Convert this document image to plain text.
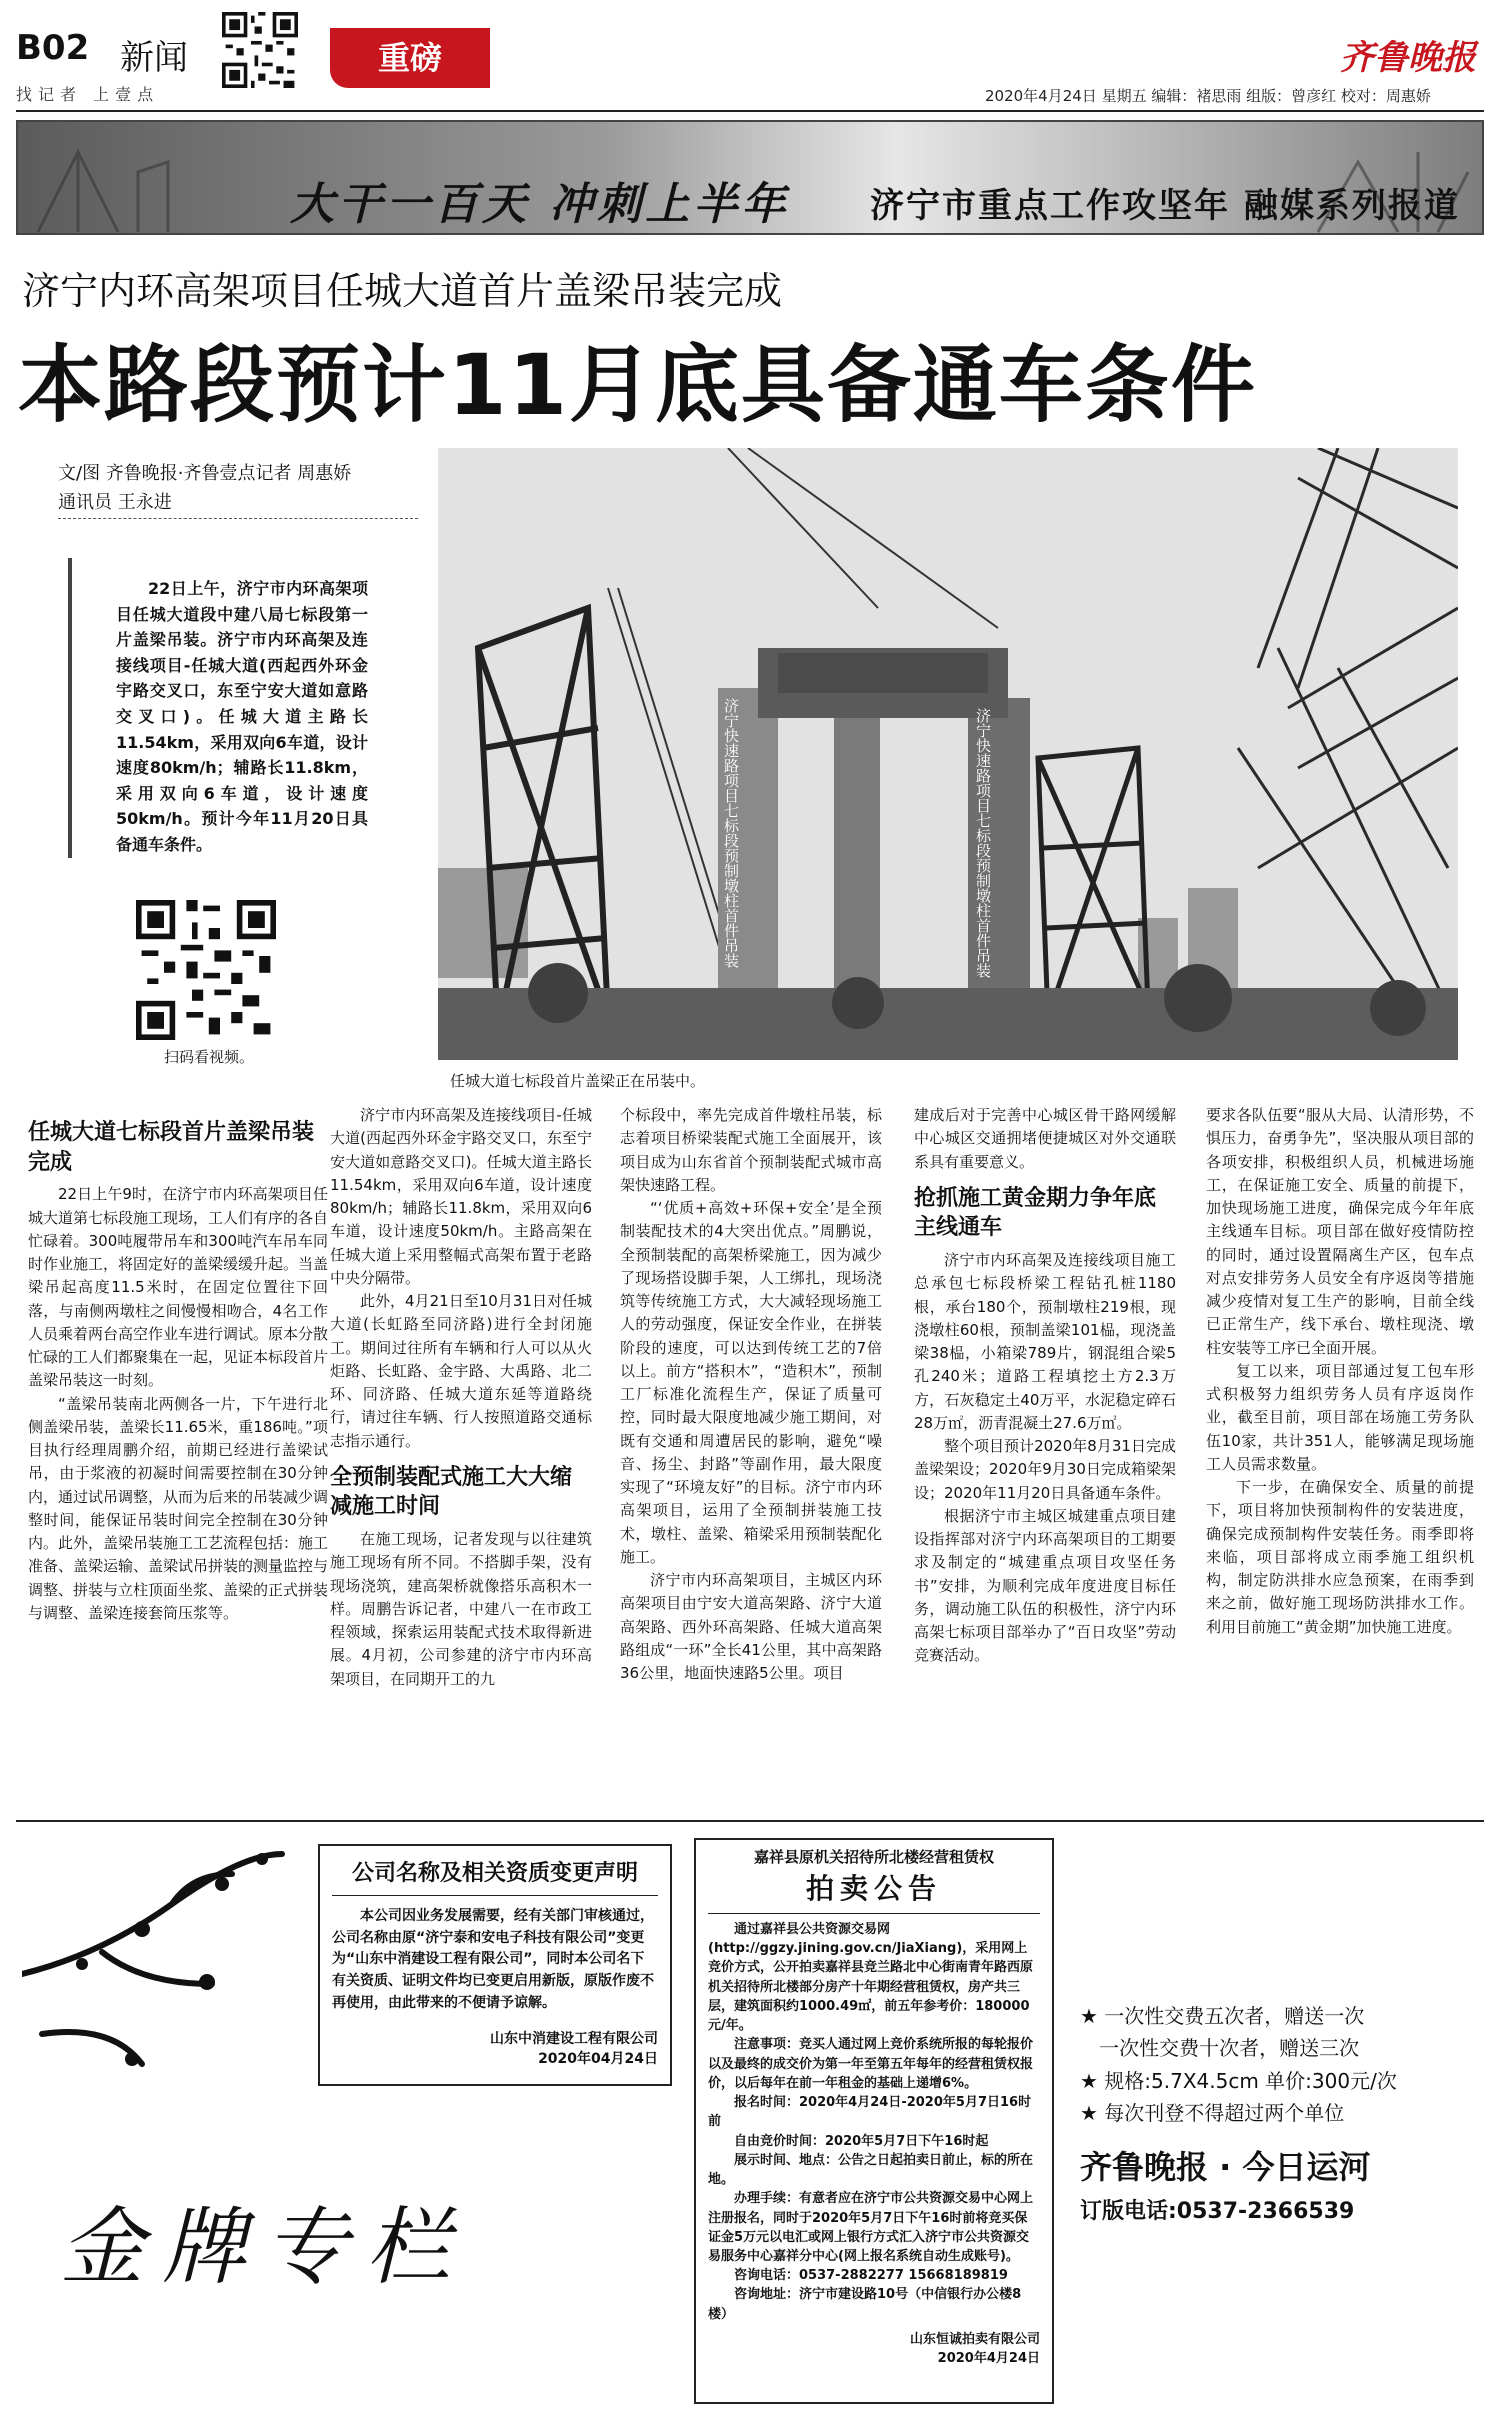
B02 新闻
找记者 上壹点
重磅	齐鲁晚报
2020年4月24日 星期五 编辑：褚思雨 组版：曾彦红 校对：周惠娇
大干一百天 冲刺上半年 济宁市重点工作攻坚年 融媒系列报道
济宁内环高架项目任城大道首片盖梁吊装完成
本路段预计11月底具备通车条件
文/图 齐鲁晚报·齐鲁壹点记者 周惠娇
通讯员 王永进
22日上午，济宁市内环高架项目任城大道段中建八局七标段第一片盖梁吊装。济宁市内环高架及连接线项目-任城大道(西起西外环金宇路交叉口，东至宁安大道如意路交叉口)。任城大道主路长11.54km，采用双向6车道，设计速度80km/h；辅路长11.8km，采用双向6车道，设计速度50km/h。预计今年11月20日具备通车条件。
扫码看视频。
济宁快速路项目七标段预制墩柱首件吊装	济宁快速路项目七标段预制墩柱首件吊装
任城大道七标段首片盖梁正在吊装中。
任城大道七标段首片盖梁吊装完成

22日上午9时，在济宁市内环高架项目任城大道第七标段施工现场，工人们有序的各自忙碌着。300吨履带吊车和300吨汽车吊车同时作业施工，将固定好的盖梁缓缓升起。当盖梁吊起高度11.5米时，在固定位置往下回落，与南侧两墩柱之间慢慢相吻合，4名工作人员乘着两台高空作业车进行调试。原本分散忙碌的工人们都聚集在一起，见证本标段首片盖梁吊装这一时刻。

“盖梁吊装南北两侧各一片，下午进行北侧盖梁吊装，盖梁长11.65米，重186吨。”项目执行经理周鹏介绍，前期已经进行盖梁试吊，由于浆液的初凝时间需要控制在30分钟内，通过试吊调整，从而为后来的吊装减少调整时间，能保证吊装时间完全控制在30分钟内。此外，盖梁吊装施工工艺流程包括：施工准备、盖梁运输、盖梁试吊拼装的测量监控与调整、拼装与立柱顶面坐浆、盖梁的正式拼装与调整、盖梁连接套筒压浆等。

济宁市内环高架及连接线项目-任城大道(西起西外环金宇路交叉口，东至宁安大道如意路交叉口)。任城大道主路长11.54km，采用双向6车道，设计速度80km/h；辅路长11.8km，采用双向6车道，设计速度50km/h。主路高架在任城大道上采用整幅式高架布置于老路中央分隔带。

此外，4月21日至10月31日对任城大道(长虹路至同济路)进行全封闭施工。期间过往所有车辆和行人可以从火炬路、长虹路、金宇路、大禹路、北二环、同济路、任城大道东延等道路绕行，请过往车辆、行人按照道路交通标志指示通行。

全预制装配式施工大大缩减施工时间

在施工现场，记者发现与以往建筑施工现场有所不同。不搭脚手架，没有现场浇筑，建高架桥就像搭乐高积木一样。周鹏告诉记者，中建八一在市政工程领域，探索运用装配式技术取得新进展。4月初，公司参建的济宁市内环高架项目，在同期开工的九

个标段中，率先完成首件墩柱吊装，标志着项目桥梁装配式施工全面展开，该项目成为山东省首个预制装配式城市高架快速路工程。

“‘优质+高效+环保+安全’是全预制装配技术的4大突出优点。”周鹏说，全预制装配的高架桥梁施工，因为减少了现场搭设脚手架，人工绑扎，现场浇筑等传统施工方式，大大减轻现场施工人的劳动强度，保证安全作业，在拼装阶段的速度，可以达到传统工艺的7倍以上。前方“搭积木”，“造积木”，预制工厂标准化流程生产，保证了质量可控，同时最大限度地减少施工期间，对既有交通和周遭居民的影响，避免“噪音、扬尘、封路”等副作用，最大限度实现了“环境友好”的目标。济宁市内环高架项目，运用了全预制拼装施工技术，墩柱、盖梁、箱梁采用预制装配化施工。

济宁市内环高架项目，主城区内环高架项目由宁安大道高架路、济宁大道高架路、西外环高架路、任城大道高架路组成“一环”全长41公里，其中高架路36公里，地面快速路5公里。项目

建成后对于完善中心城区骨干路网缓解中心城区交通拥堵便捷城区对外交通联系具有重要意义。

抢抓施工黄金期力争年底主线通车

济宁市内环高架及连接线项目施工总承包七标段桥梁工程钻孔桩1180根，承台180个，预制墩柱219根，现浇墩柱60根，预制盖梁101榀，现浇盖梁38榀，小箱梁789片，钢混组合梁5孔240米；道路工程填挖土方2.3万方，石灰稳定土40万平，水泥稳定碎石28万㎡，沥青混凝土27.6万㎡。

整个项目预计2020年8月31日完成盖梁架设；2020年9月30日完成箱梁架设；2020年11月20日具备通车条件。

根据济宁市主城区城建重点项目建设指挥部对济宁内环高架项目的工期要求及制定的“城建重点项目攻坚任务书”安排，为顺利完成年度进度目标任务，调动施工队伍的积极性，济宁内环高架七标项目部举办了“百日攻坚”劳动竞赛活动。

要求各队伍要“服从大局、认清形势，不惧压力，奋勇争先”，坚决服从项目部的各项安排，积极组织人员，机械进场施工，在保证施工安全、质量的前提下，加快现场施工进度，确保完成今年年底主线通车目标。项目部在做好疫情防控的同时，通过设置隔离生产区，包车点对点安排劳务人员安全有序返岗等措施减少疫情对复工生产的影响，目前全线已正常生产，线下承台、墩柱现浇、墩柱安装等工序已全面开展。

复工以来，项目部通过复工包车形式积极努力组织劳务人员有序返岗作业，截至目前，项目部在场施工劳务队伍10家，共计351人，能够满足现场施工人员需求数量。

下一步，在确保安全、质量的前提下，项目将加快预制构件的安装进度，确保完成预制构件安装任务。雨季即将来临，项目部将成立雨季施工组织机构，制定防洪排水应急预案，在雨季到来之前，做好施工现场防洪排水工作。利用目前施工“黄金期”加快施工进度。

公司名称及相关资质变更声明
本公司因业务发展需要，经有关部门审核通过，公司名称由原“济宁泰和安电子科技有限公司”变更为“山东中消建设工程有限公司”，同时本公司名下有关资质、证明文件均已变更启用新版，原版作废不再使用，由此带来的不便请予谅解。
山东中消建设工程有限公司
2020年04月24日
金牌专栏
嘉祥县原机关招待所北楼经营租赁权
拍卖公告

通过嘉祥县公共资源交易网(http://ggzy.jining.gov.cn/JiaXiang)，采用网上竞价方式，公开拍卖嘉祥县竞兰路北中心街南青年路西原机关招待所北楼部分房产十年期经营租赁权，房产共三层，建筑面积约1000.49㎡，前五年参考价：180000元/年。

注意事项：竞买人通过网上竞价系统所报的每轮报价以及最终的成交价为第一年至第五年每年的经营租赁权报价，以后每年在前一年租金的基础上递增6%。

报名时间：2020年4月24日-2020年5月7日16时前

自由竞价时间：2020年5月7日下午16时起

展示时间、地点：公告之日起拍卖日前止，标的所在地。

办理手续：有意者应在济宁市公共资源交易中心网上注册报名，同时于2020年5月7日下午16时前将竞买保证金5万元以电汇或网上银行方式汇入济宁市公共资源交易服务中心嘉祥分中心(网上报名系统自动生成账号)。

咨询电话：0537-2882277 15668189819

咨询地址：济宁市建设路10号（中信银行办公楼8楼）

山东恒诚拍卖有限公司
2020年4月24日
★ 一次性交费五次者，赠送一次
一次性交费十次者，赠送三次
★ 规格:5.7X4.5cm 单价:300元/次
★ 每次刊登不得超过两个单位
齐鲁晚报 · 今日运河
订版电话:0537-2366539
